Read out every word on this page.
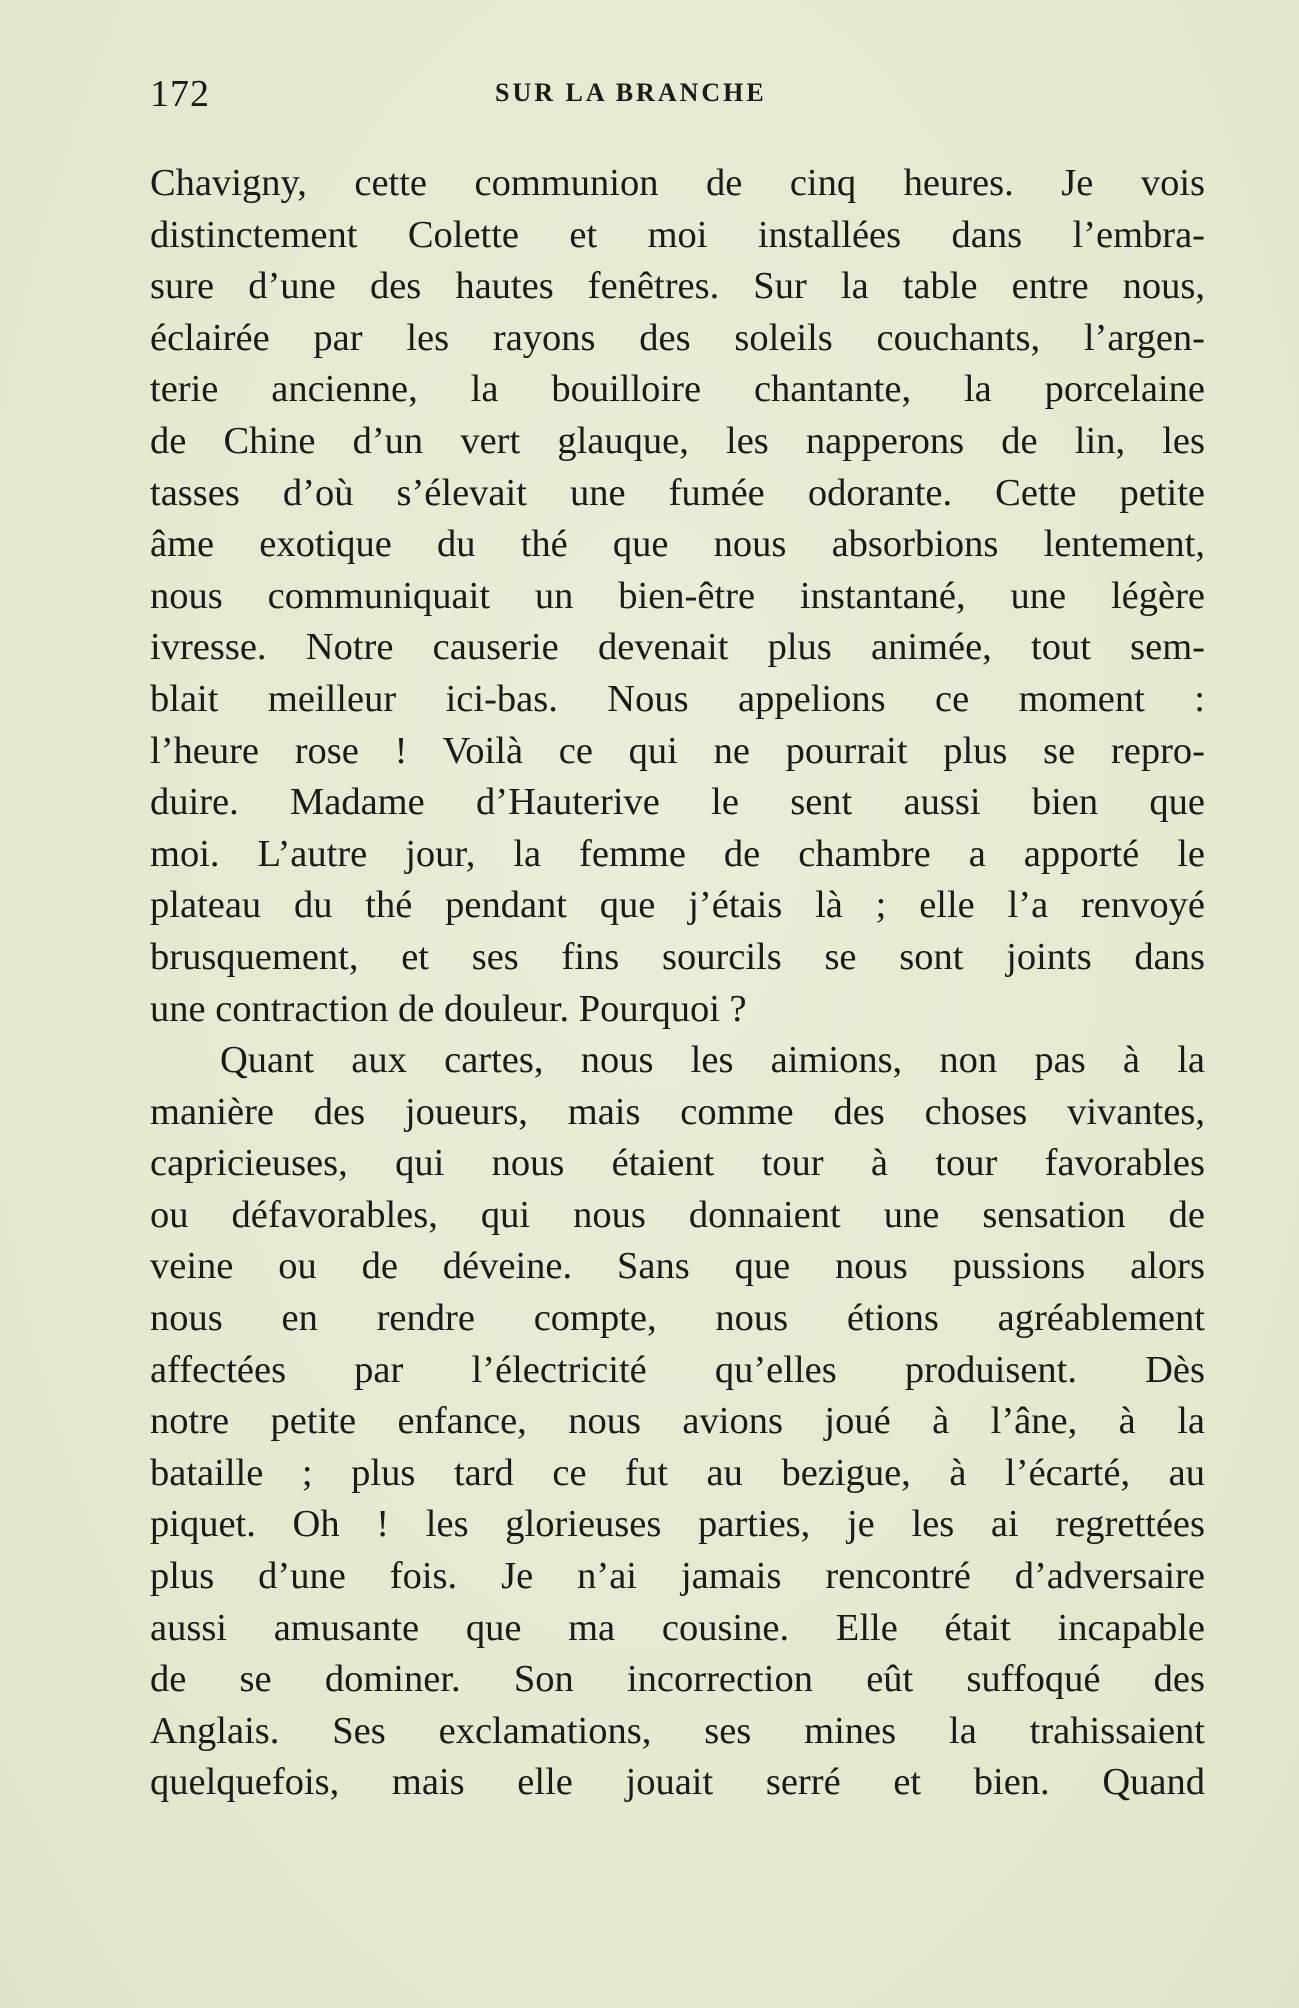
172	SUR LA BRANCHE
Chavigny, cette communion de cinq heures. Je vois
distinctement Colette et moi installées dans l’embra-
sure d’une des hautes fenêtres. Sur la table entre nous,
éclairée par les rayons des soleils couchants, l’argen-
terie ancienne, la bouilloire chantante, la porcelaine
de Chine d’un vert glauque, les napperons de lin, les
tasses d’où s’élevait une fumée odorante. Cette petite
âme exotique du thé que nous absorbions lentement,
nous communiquait un bien-être instantané, une légère
ivresse. Notre causerie devenait plus animée, tout sem-
blait meilleur ici-bas. Nous appelions ce moment :
l’heure rose ! Voilà ce qui ne pourrait plus se repro-
duire. Madame d’Hauterive le sent aussi bien que
moi. L’autre jour, la femme de chambre a apporté le
plateau du thé pendant que j’étais là ; elle l’a renvoyé
brusquement, et ses fins sourcils se sont joints dans
une contraction de douleur. Pourquoi ?
Quant aux cartes, nous les aimions, non pas à la
manière des joueurs, mais comme des choses vivantes,
capricieuses, qui nous étaient tour à tour favorables
ou défavorables, qui nous donnaient une sensation de
veine ou de déveine. Sans que nous pussions alors
nous en rendre compte, nous étions agréablement
affectées par l’électricité qu’elles produisent. Dès
notre petite enfance, nous avions joué à l’âne, à la
bataille ; plus tard ce fut au bezigue, à l’écarté, au
piquet. Oh ! les glorieuses parties, je les ai regrettées
plus d’une fois. Je n’ai jamais rencontré d’adversaire
aussi amusante que ma cousine. Elle était incapable
de se dominer. Son incorrection eût suffoqué des
Anglais. Ses exclamations, ses mines la trahissaient
quelquefois, mais elle jouait serré et bien. Quand
